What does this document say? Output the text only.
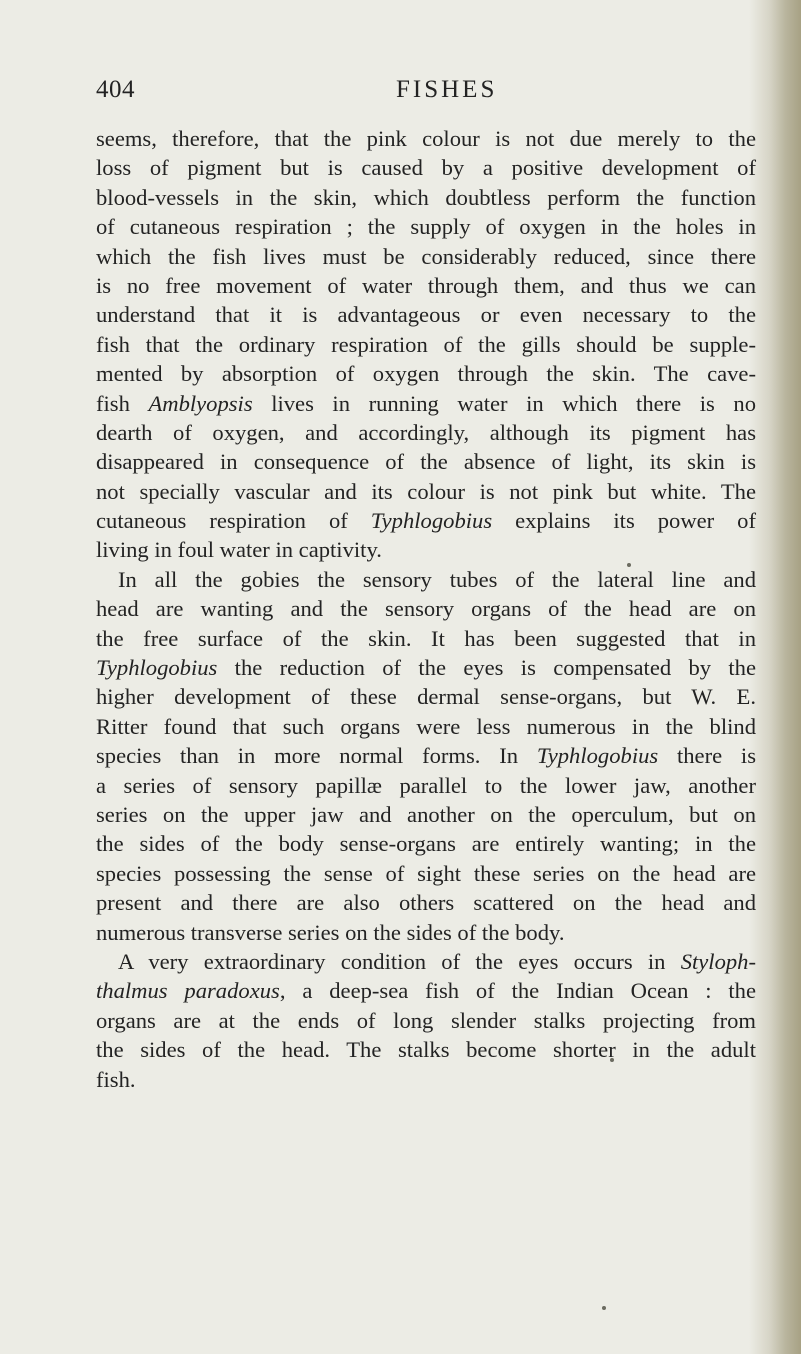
404	FISHES
seems, therefore, that the pink colour is not due merely to the
loss of pigment but is caused by a positive development of
blood-vessels in the skin, which doubtless perform the function
of cutaneous respiration ; the supply of oxygen in the holes in
which the fish lives must be considerably reduced, since there
is no free movement of water through them, and thus we can
understand that it is advantageous or even necessary to the
fish that the ordinary respiration of the gills should be supple-
mented by absorption of oxygen through the skin. The cave-
fish Amblyopsis lives in running water in which there is no
dearth of oxygen, and accordingly, although its pigment has
disappeared in consequence of the absence of light, its skin is
not specially vascular and its colour is not pink but white. The
cutaneous respiration of Typhlogobius explains its power of
living in foul water in captivity.
In all the gobies the sensory tubes of the lateral line and
head are wanting and the sensory organs of the head are on
the free surface of the skin. It has been suggested that in
Typhlogobius the reduction of the eyes is compensated by the
higher development of these dermal sense-organs, but W. E.
Ritter found that such organs were less numerous in the blind
species than in more normal forms. In Typhlogobius there is
a series of sensory papillæ parallel to the lower jaw, another
series on the upper jaw and another on the operculum, but on
the sides of the body sense-organs are entirely wanting; in the
species possessing the sense of sight these series on the head are
present and there are also others scattered on the head and
numerous transverse series on the sides of the body.
A very extraordinary condition of the eyes occurs in Styloph-
thalmus paradoxus, a deep-sea fish of the Indian Ocean : the
organs are at the ends of long slender stalks projecting from
the sides of the head. The stalks become shorter in the adult
fish.
